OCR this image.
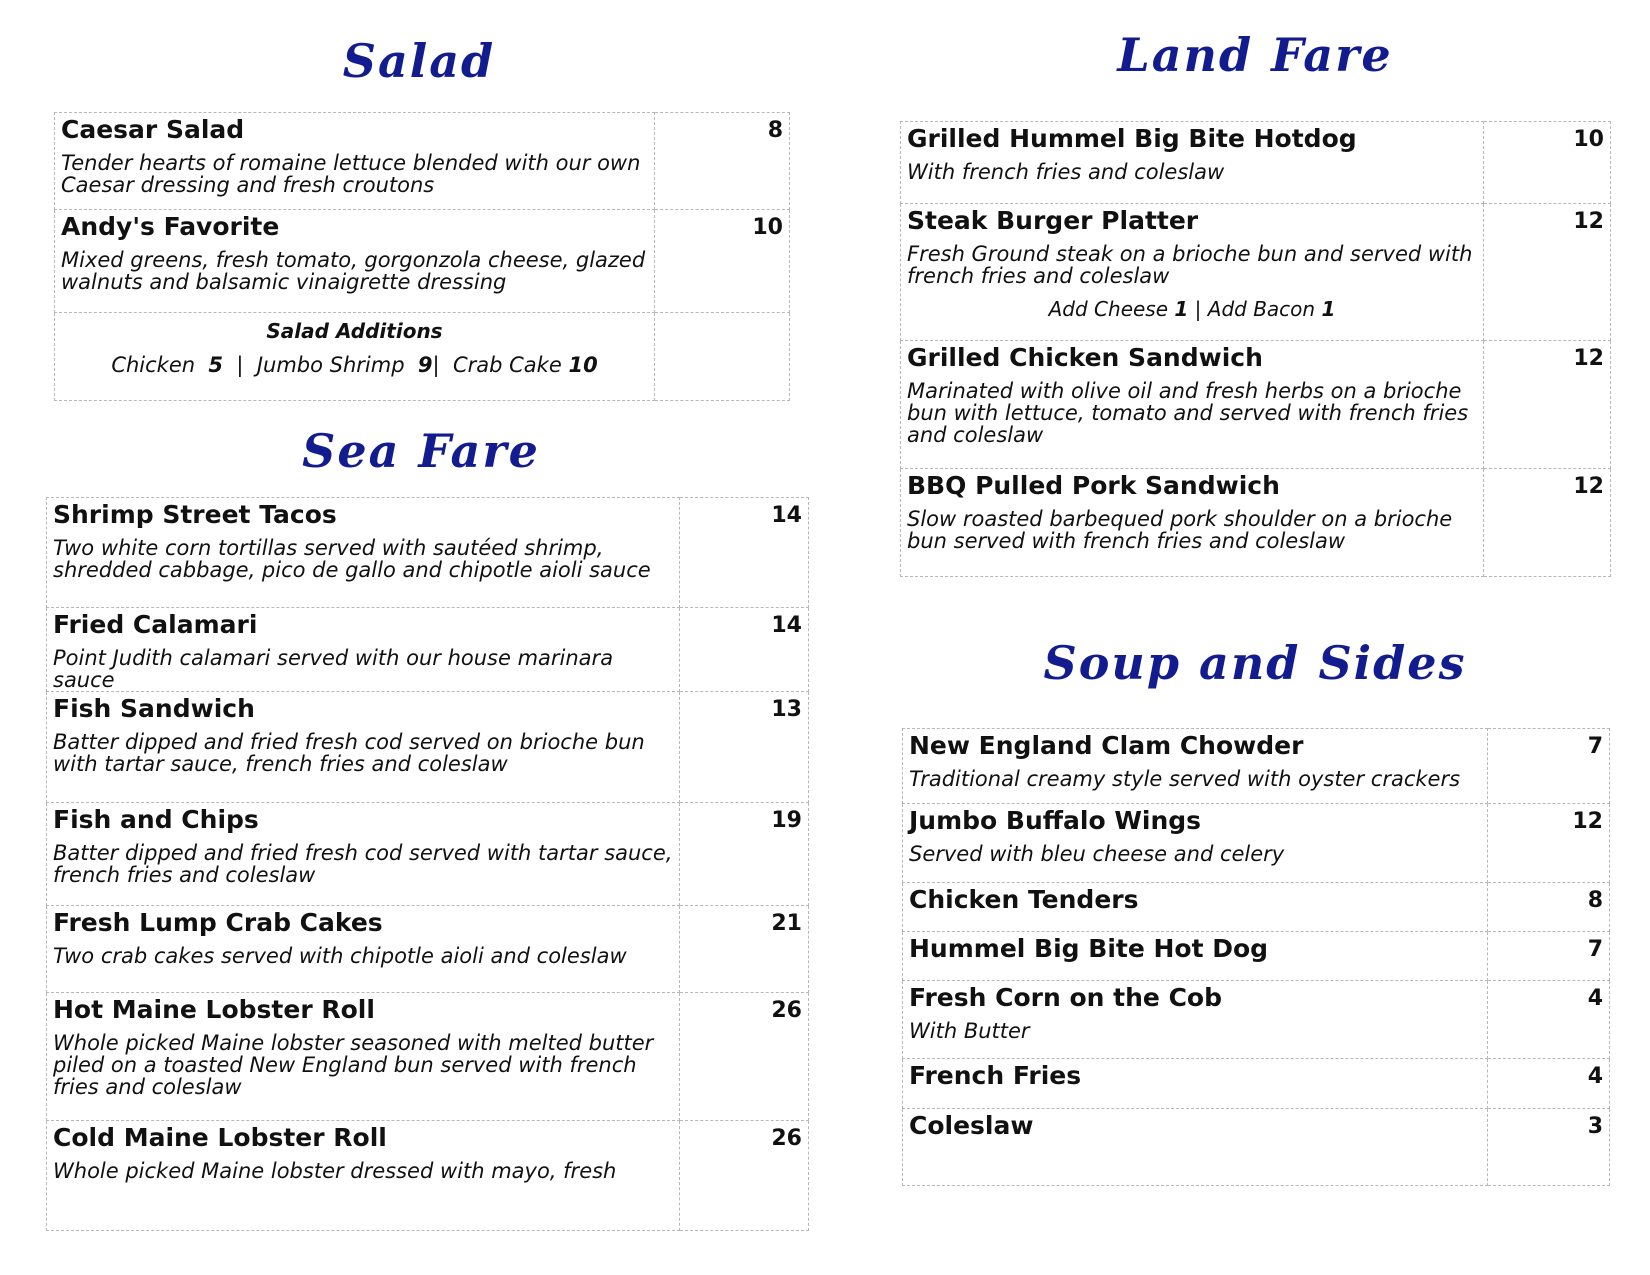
Salad
Caesar Salad
Tender hearts of romaine lettuce blended with our own Caesar dressing and fresh croutons	8

Andy's Favorite
Mixed greens, fresh tomato, gorgonzola cheese, glazed walnuts and balsamic vinaigrette dressing	10

Salad Additions
Chicken 5  |  Jumbo Shrimp 9|  Crab Cake 10	

Sea Fare
Shrimp Street Tacos
Two white corn tortillas served with sautéed shrimp, shredded cabbage, pico de gallo and chipotle aioli sauce	14

Fried Calamari
Point Judith calamari served with our house marinara sauce	14

Fish Sandwich
Batter dipped and fried fresh cod served on brioche bun with tartar sauce, french fries and coleslaw	13

Fish and Chips
Batter dipped and fried fresh cod served with tartar sauce, french fries and coleslaw	19

Fresh Lump Crab Cakes
Two crab cakes served with chipotle aioli and coleslaw	21

Hot Maine Lobster Roll
Whole picked Maine lobster seasoned with melted butter piled on a toasted New England bun served with french fries and coleslaw	26

Cold Maine Lobster Roll
Whole picked Maine lobster dressed with mayo, fresh	26
Land Fare
Grilled Hummel Big Bite Hotdog
With french fries and coleslaw	10

Steak Burger Platter
Fresh Ground steak on a brioche bun and served with french fries and coleslaw
Add Cheese 1 | Add Bacon 1	12

Grilled Chicken Sandwich
Marinated with olive oil and fresh herbs on a brioche bun with lettuce, tomato and served with french fries and coleslaw	12

BBQ Pulled Pork Sandwich
Slow roasted barbequed pork shoulder on a brioche bun served with french fries and coleslaw	12
Soup and Sides
New England Clam Chowder
Traditional creamy style served with oyster crackers	7

Jumbo Buffalo Wings
Served with bleu cheese and celery	12

Chicken Tenders	8

Hummel Big Bite Hot Dog	7

Fresh Corn on the Cob
With Butter	4

French Fries	4

Coleslaw	3
